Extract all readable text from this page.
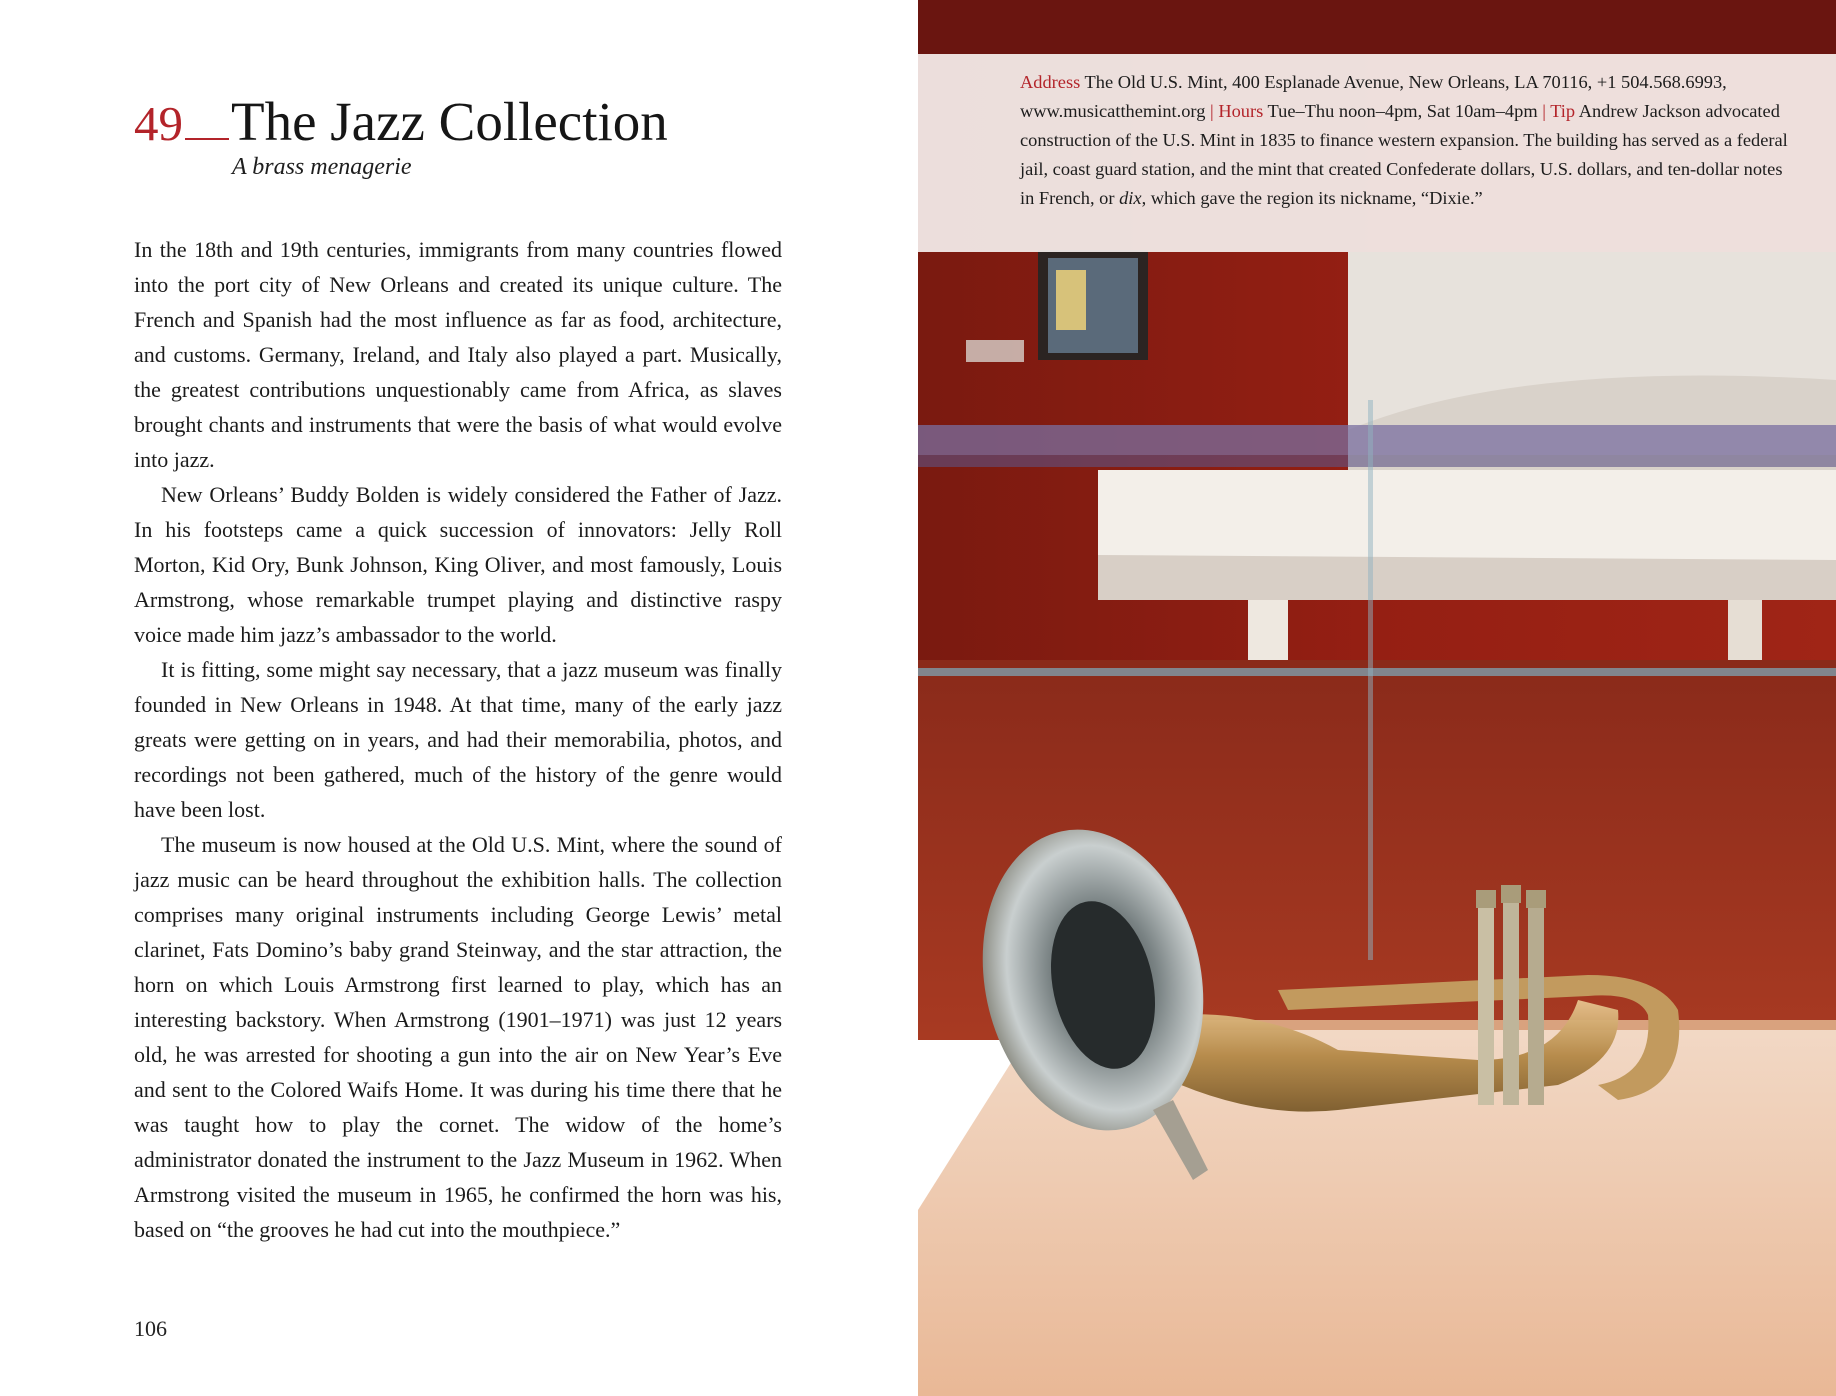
49 The Jazz Collection
A brass menagerie

In the 18th and 19th centuries, immigrants from many countries flowed into the port city of New Orleans and created its unique culture. The French and Spanish had the most influence as far as food, architecture, and customs. Germany, Ireland, and Italy also played a part. Musically, the greatest contributions unquestionably came from Africa, as slaves brought chants and instruments that were the basis of what would evolve into jazz.

New Orleans’ Buddy Bolden is widely considered the Father of Jazz. In his footsteps came a quick succession of innovators: Jelly Roll Morton, Kid Ory, Bunk Johnson, King Oliver, and most famously, Louis Armstrong, whose remarkable trumpet playing and distinctive raspy voice made him jazz’s ambassador to the world.

It is fitting, some might say necessary, that a jazz museum was finally founded in New Orleans in 1948. At that time, many of the early jazz greats were getting on in years, and had their memorabilia, photos, and recordings not been gathered, much of the history of the genre would have been lost.

The museum is now housed at the Old U.S. Mint, where the sound of jazz music can be heard throughout the exhibition halls. The collection comprises many original instruments including George Lewis’ metal clarinet, Fats Domino’s baby grand Steinway, and the star attraction, the horn on which Louis Armstrong first learned to play, which has an interesting backstory. When Armstrong (1901–1971) was just 12 years old, he was arrested for shooting a gun into the air on New Year’s Eve and sent to the Colored Waifs Home. It was during his time there that he was taught how to play the cornet. The widow of the home’s administrator donated the instrument to the Jazz Museum in 1962. When Armstrong visited the museum in 1965, he confirmed the horn was his, based on “the grooves he had cut into the mouthpiece.”

106
Address The Old U.S. Mint, 400 Esplanade Avenue, New Orleans, LA 70116, +1 504.568.6993, www.musicatthemint.org | Hours Tue–Thu noon–4pm, Sat 10am–4pm | Tip Andrew Jackson advocated construction of the U.S. Mint in 1835 to finance western expansion. The building has served as a federal jail, coast guard station, and the mint that created Confederate dollars, U.S. dollars, and ten-dollar notes in French, or dix, which gave the region its nickname, “Dixie.”
